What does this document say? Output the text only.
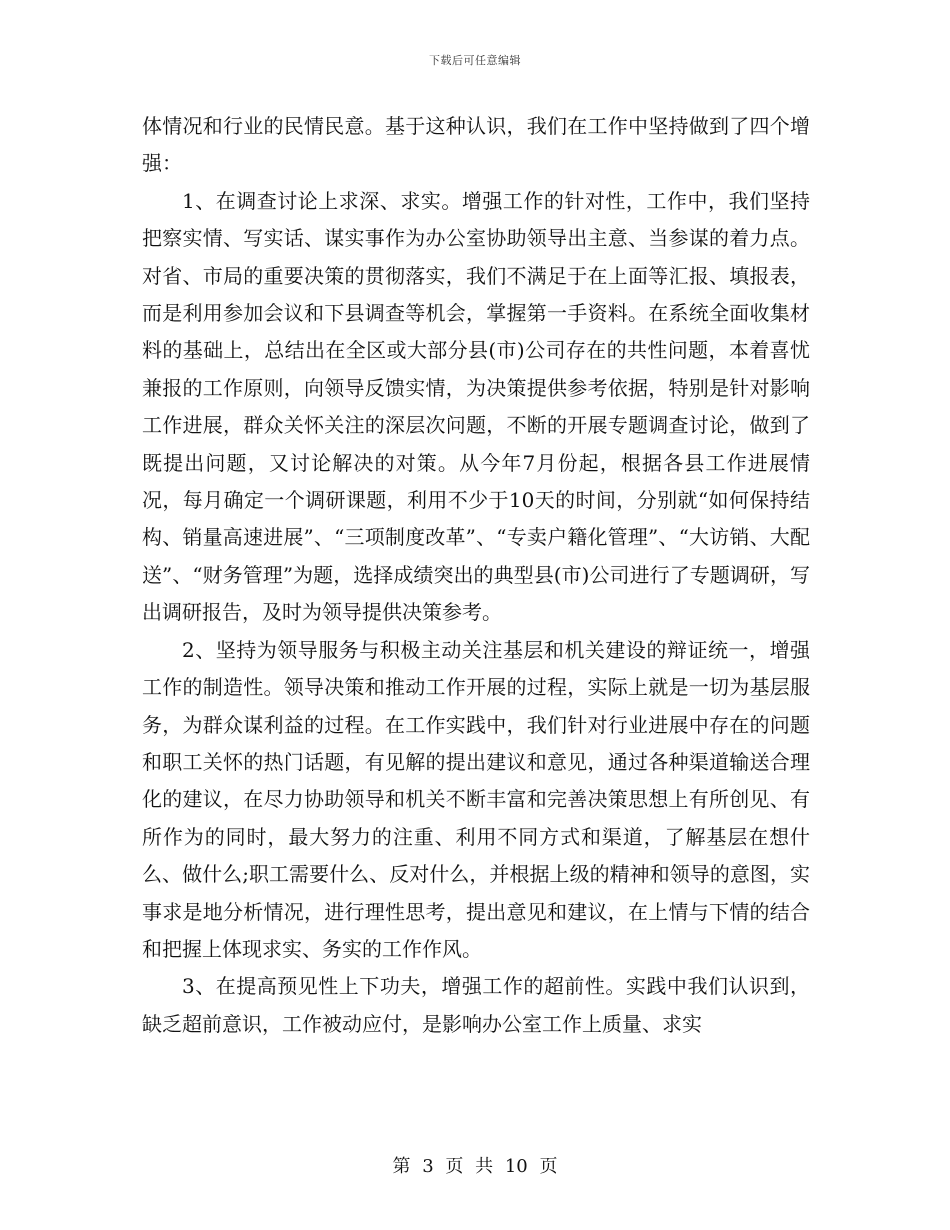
下载后可任意编辑

体情况和行业的民情民意。基于这种认识，我们在工作中坚持做到了四个增强：

1、在调查讨论上求深、求实。增强工作的针对性，工作中，我们坚持把察实情、写实话、谋实事作为办公室协助领导出主意、当参谋的着力点。对省、市局的重要决策的贯彻落实，我们不满足于在上面等汇报、填报表，而是利用参加会议和下县调查等机会，掌握第一手资料。在系统全面收集材料的基础上，总结出在全区或大部分县(市)公司存在的共性问题，本着喜忧兼报的工作原则，向领导反馈实情，为决策提供参考依据，特别是针对影响工作进展，群众关怀关注的深层次问题，不断的开展专题调查讨论，做到了既提出问题，又讨论解决的对策。从今年7月份起，根据各县工作进展情况，每月确定一个调研课题，利用不少于10天的时间，分别就“如何保持结构、销量高速进展”、“三项制度改革”、“专卖户籍化管理”、“大访销、大配送”、“财务管理”为题，选择成绩突出的典型县(市)公司进行了专题调研，写出调研报告，及时为领导提供决策参考。

2、坚持为领导服务与积极主动关注基层和机关建设的辩证统一，增强工作的制造性。领导决策和推动工作开展的过程，实际上就是一切为基层服务，为群众谋利益的过程。在工作实践中，我们针对行业进展中存在的问题和职工关怀的热门话题，有见解的提出建议和意见，通过各种渠道输送合理化的建议，在尽力协助领导和机关不断丰富和完善决策思想上有所创见、有所作为的同时，最大努力的注重、利用不同方式和渠道，了解基层在想什么、做什么;职工需要什么、反对什么，并根据上级的精神和领导的意图，实事求是地分析情况，进行理性思考，提出意见和建议，在上情与下情的结合和把握上体现求实、务实的工作作风。

3、在提高预见性上下功夫，增强工作的超前性。实践中我们认识到，缺乏超前意识，工作被动应付，是影响办公室工作上质量、求实

第 3 页 共 10 页
